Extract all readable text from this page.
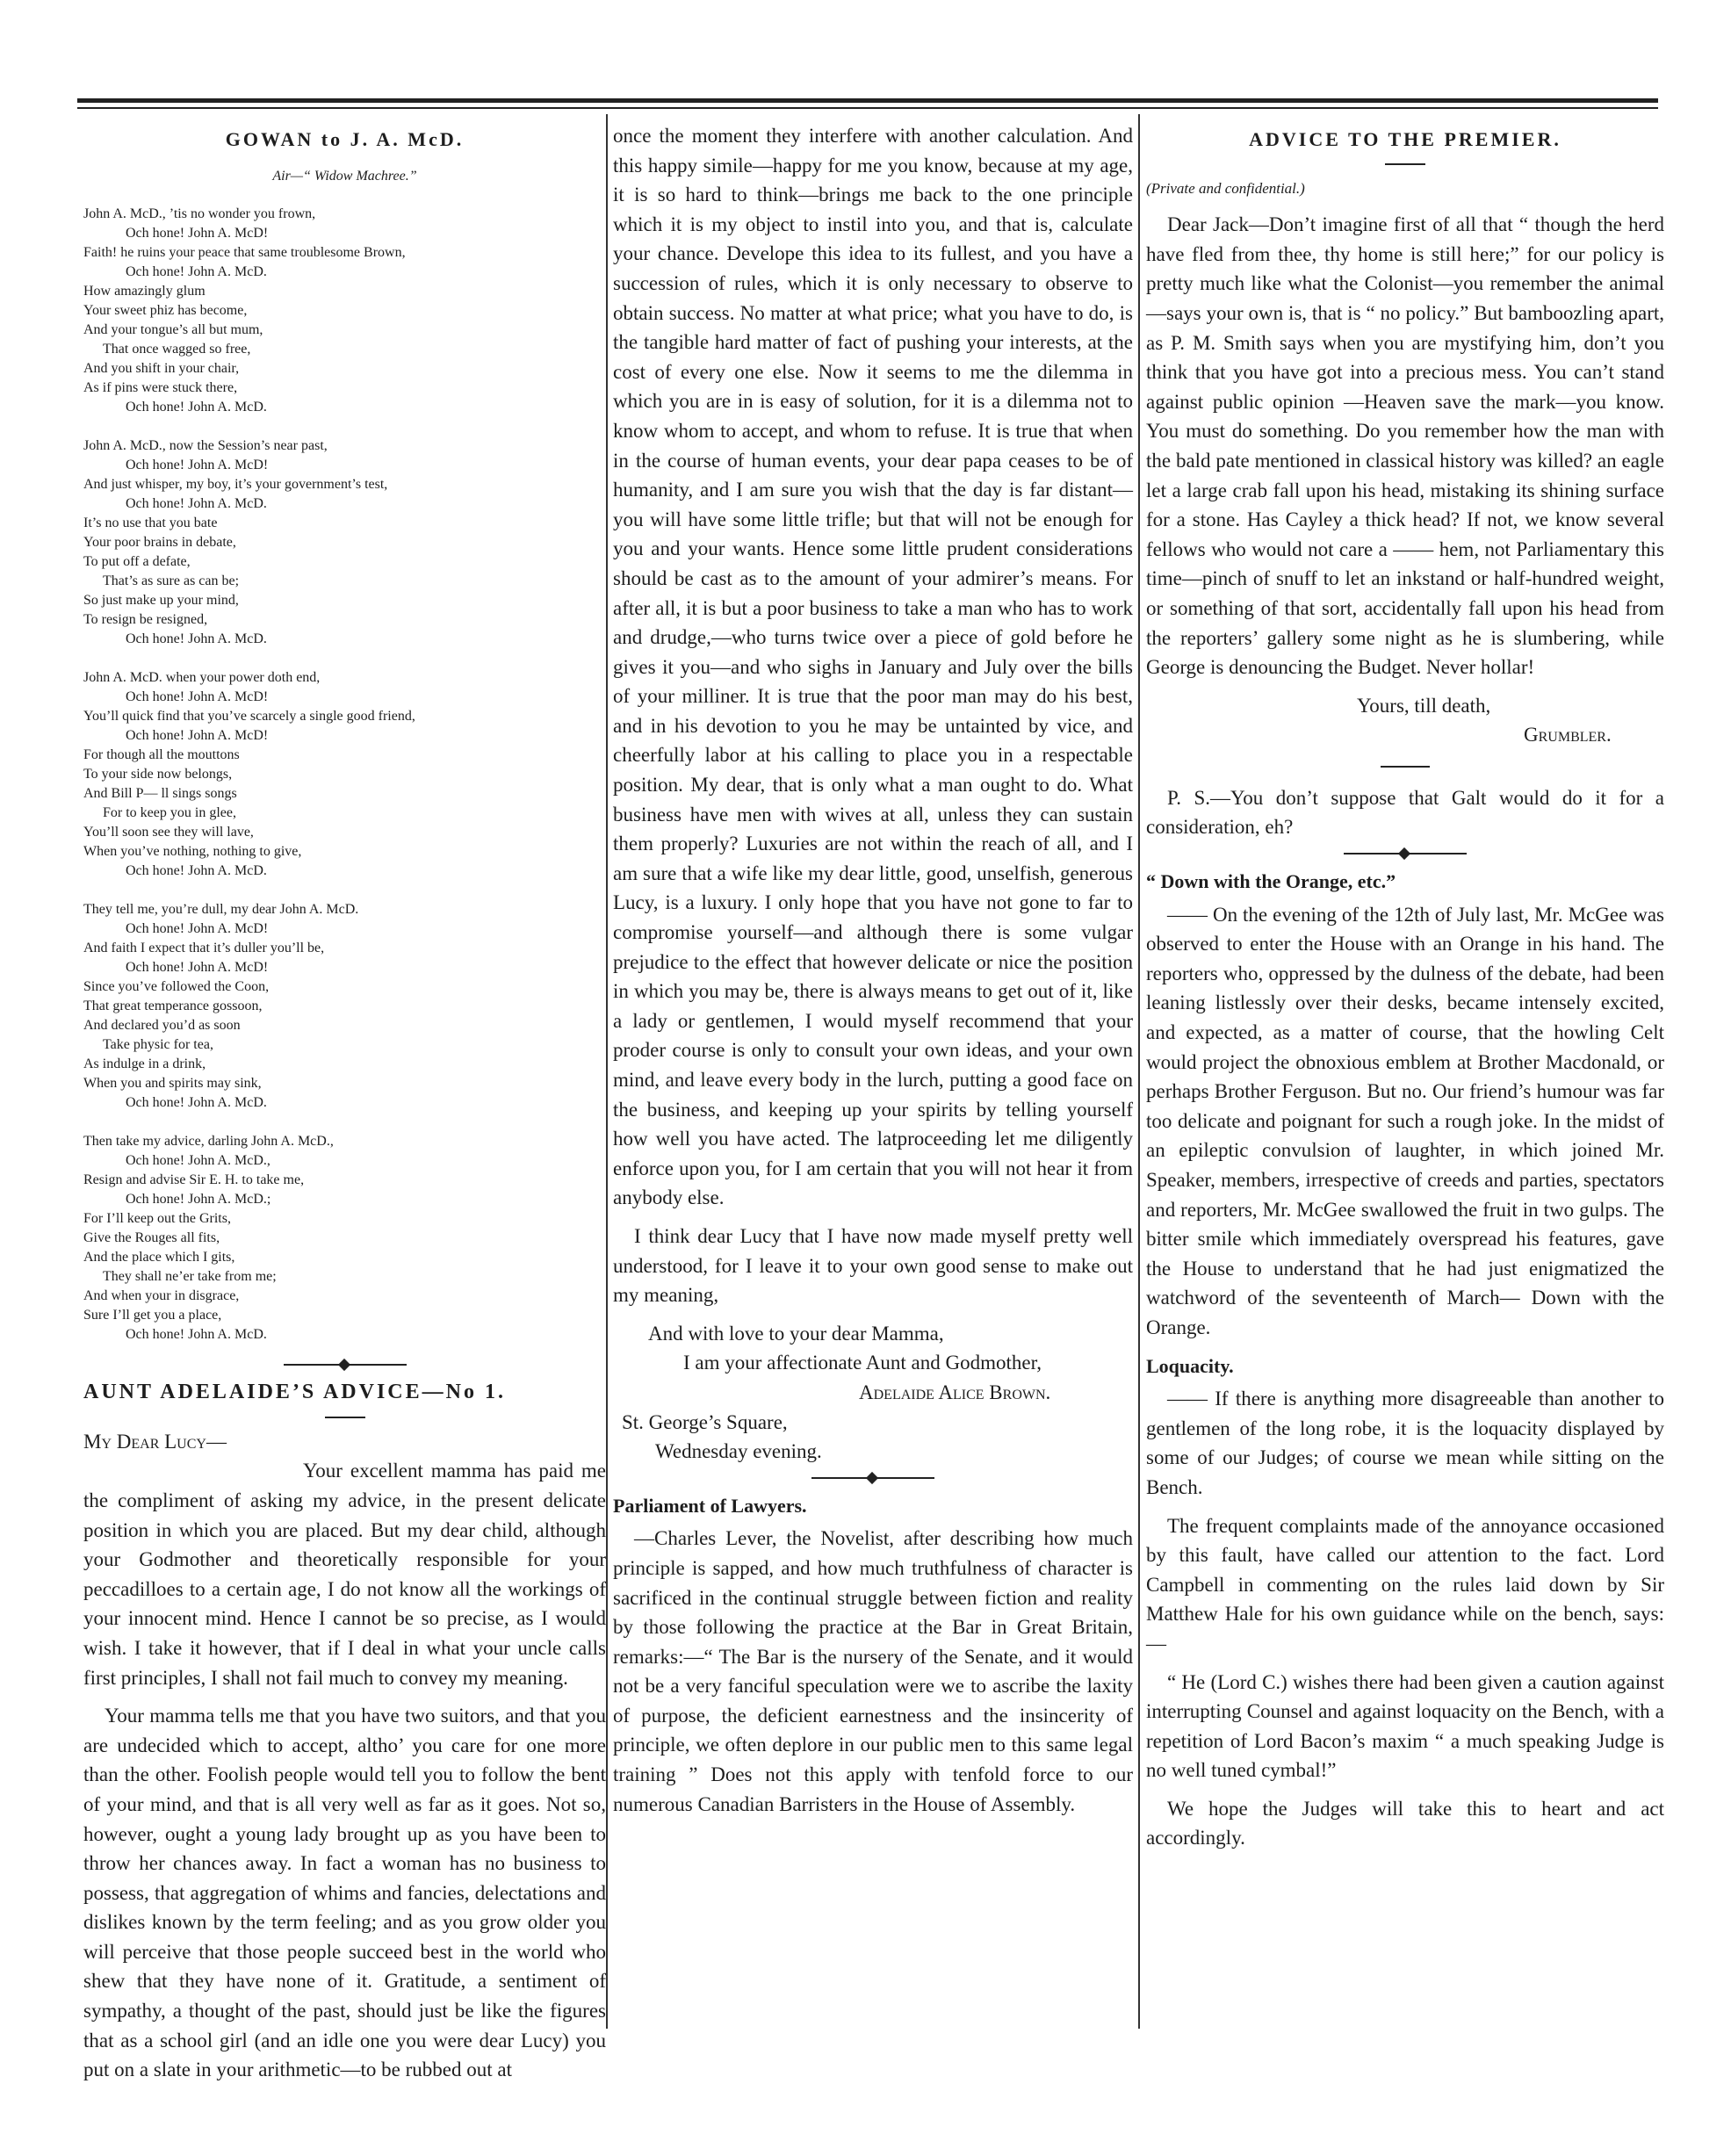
GOWAN to J. A. McD.
Air—“ Widow Machree.”
John A. McD., ’tis no wonder you frown,
Och hone! John A. McD!
Faith! he ruins your peace that same troublesome Brown,
Och hone! John A. McD.
How amazingly glum
Your sweet phiz has become,
And your tongue’s all but mum,
That once wagged so free,
And you shift in your chair,
As if pins were stuck there,
Och hone! John A. McD.
John A. McD., now the Session’s near past,
Och hone! John A. McD!
And just whisper, my boy, it’s your government’s test,
Och hone! John A. McD.
It’s no use that you bate
Your poor brains in debate,
To put off a defate,
That’s as sure as can be;
So just make up your mind,
To resign be resigned,
Och hone! John A. McD.
John A. McD. when your power doth end,
Och hone! John A. McD!
You’ll quick find that you’ve scarcely a single good friend,
Och hone! John A. McD!
For though all the mouttons
To your side now belongs,
And Bill P— ll sings songs
For to keep you in glee,
You’ll soon see they will lave,
When you’ve nothing, nothing to give,
Och hone! John A. McD.
They tell me, you’re dull, my dear John A. McD.
Och hone! John A. McD!
And faith I expect that it’s duller you’ll be,
Och hone! John A. McD!
Since you’ve followed the Coon,
That great temperance gossoon,
And declared you’d as soon
Take physic for tea,
As indulge in a drink,
When you and spirits may sink,
Och hone! John A. McD.
Then take my advice, darling John A. McD.,
Och hone! John A. McD.,
Resign and advise Sir E. H. to take me,
Och hone! John A. McD.;
For I’ll keep out the Grits,
Give the Rouges all fits,
And the place which I gits,
They shall ne’er take from me;
And when your in disgrace,
Sure I’ll get you a place,
Och hone! John A. McD.
AUNT ADELAIDE’S ADVICE—No 1.
My Dear Lucy—

Your excellent mamma has paid me the compliment of asking my advice, in the present delicate position in which you are placed. But my dear child, although your Godmother and theoretically responsible for your peccadilloes to a certain age, I do not know all the workings of your innocent mind. Hence I cannot be so precise, as I would wish. I take it however, that if I deal in what your uncle calls first principles, I shall not fail much to convey my meaning.

Your mamma tells me that you have two suitors, and that you are undecided which to accept, altho’ you care for one more than the other. Foolish people would tell you to follow the bent of your mind, and that is all very well as far as it goes. Not so, however, ought a young lady brought up as you have been to throw her chances away. In fact a woman has no business to possess, that aggregation of whims and fancies, delectations and dislikes known by the term feeling; and as you grow older you will perceive that those people succeed best in the world who shew that they have none of it. Gratitude, a sentiment of sympathy, a thought of the past, should just be like the figures that as a school girl (and an idle one you were dear Lucy) you put on a slate in your arithmetic—to be rubbed out at

once the moment they interfere with another calculation. And this happy simile—happy for me you know, because at my age, it is so hard to think—brings me back to the one principle which it is my object to instil into you, and that is, calculate your chance. Develope this idea to its fullest, and you have a succession of rules, which it is only necessary to observe to obtain success. No matter at what price; what you have to do, is the tangible hard matter of fact of pushing your interests, at the cost of every one else. Now it seems to me the dilemma in which you are in is easy of solution, for it is a dilemma not to know whom to accept, and whom to refuse. It is true that when in the course of human events, your dear papa ceases to be of humanity, and I am sure you wish that the day is far distant—you will have some little trifle; but that will not be enough for you and your wants. Hence some little prudent considerations should be cast as to the amount of your admirer’s means. For after all, it is but a poor business to take a man who has to work and drudge,—who turns twice over a piece of gold before he gives it you—and who sighs in January and July over the bills of your milliner. It is true that the poor man may do his best, and in his devotion to you he may be untainted by vice, and cheerfully labor at his calling to place you in a respectable position. My dear, that is only what a man ought to do. What business have men with wives at all, unless they can sustain them properly? Luxuries are not within the reach of all, and I am sure that a wife like my dear little, good, unselfish, generous Lucy, is a luxury. I only hope that you have not gone to far to compromise yourself—and although there is some vulgar prejudice to the effect that however delicate or nice the position in which you may be, there is always means to get out of it, like a lady or gentlemen, I would myself recommend that your proder course is only to consult your own ideas, and your own mind, and leave every body in the lurch, putting a good face on the business, and keeping up your spirits by telling yourself how well you have acted. The latproceeding let me diligently enforce upon you, for I am certain that you will not hear it from anybody else.

I think dear Lucy that I have now made myself pretty well understood, for I leave it to your own good sense to make out my meaning,

And with love to your dear Mamma,
I am your affectionate Aunt and Godmother,
Adelaide Alice Brown.
St. George’s Square,
Wednesday evening.
Parliament of Lawyers.

—Charles Lever, the Novelist, after describing how much principle is sapped, and how much truthfulness of character is sacrificed in the continual struggle between fiction and reality by those following the practice at the Bar in Great Britain, remarks:—“ The Bar is the nursery of the Senate, and it would not be a very fanciful speculation were we to ascribe the laxity of purpose, the deficient earnestness and the insincerity of principle, we often deplore in our public men to this same legal training ” Does not this apply with tenfold force to our numerous Canadian Barristers in the House of Assembly.

ADVICE TO THE PREMIER.
(Private and confidential.)

Dear Jack—Don’t imagine first of all that “ though the herd have fled from thee, thy home is still here;” for our policy is pretty much like what the Colonist—you remember the animal—says your own is, that is “ no policy.” But bamboozling apart, as P. M. Smith says when you are mystifying him, don’t you think that you have got into a precious mess. You can’t stand against public opinion —Heaven save the mark—you know. You must do something. Do you remember how the man with the bald pate mentioned in classical history was killed? an eagle let a large crab fall upon his head, mistaking its shining surface for a stone. Has Cayley a thick head? If not, we know several fellows who would not care a —— hem, not Parliamentary this time—pinch of snuff to let an inkstand or half-hundred weight, or something of that sort, accidentally fall upon his head from the reporters’ gallery some night as he is slumbering, while George is denouncing the Budget. Never hollar!

Yours, till death,
Grumbler.

P. S.—You don’t suppose that Galt would do it for a consideration, eh?

“ Down with the Orange, etc.”

—— On the evening of the 12th of July last, Mr. McGee was observed to enter the House with an Orange in his hand. The reporters who, oppressed by the dulness of the debate, had been leaning listlessly over their desks, became intensely excited, and expected, as a matter of course, that the howling Celt would project the obnoxious emblem at Brother Macdonald, or perhaps Brother Ferguson. But no. Our friend’s humour was far too delicate and poignant for such a rough joke. In the midst of an epileptic convulsion of laughter, in which joined Mr. Speaker, members, irrespective of creeds and parties, spectators and reporters, Mr. McGee swallowed the fruit in two gulps. The bitter smile which immediately overspread his features, gave the House to understand that he had just enigmatized the watchword of the seventeenth of March— Down with the Orange.

Loquacity.

—— If there is anything more disagreeable than another to gentlemen of the long robe, it is the loquacity displayed by some of our Judges; of course we mean while sitting on the Bench.

The frequent complaints made of the annoyance occasioned by this fault, have called our attention to the fact. Lord Campbell in commenting on the rules laid down by Sir Matthew Hale for his own guidance while on the bench, says:—

“ He (Lord C.) wishes there had been given a caution against interrupting Counsel and against loquacity on the Bench, with a repetition of Lord Bacon’s maxim “ a much speaking Judge is no well tuned cymbal!”

We hope the Judges will take this to heart and act accordingly.
